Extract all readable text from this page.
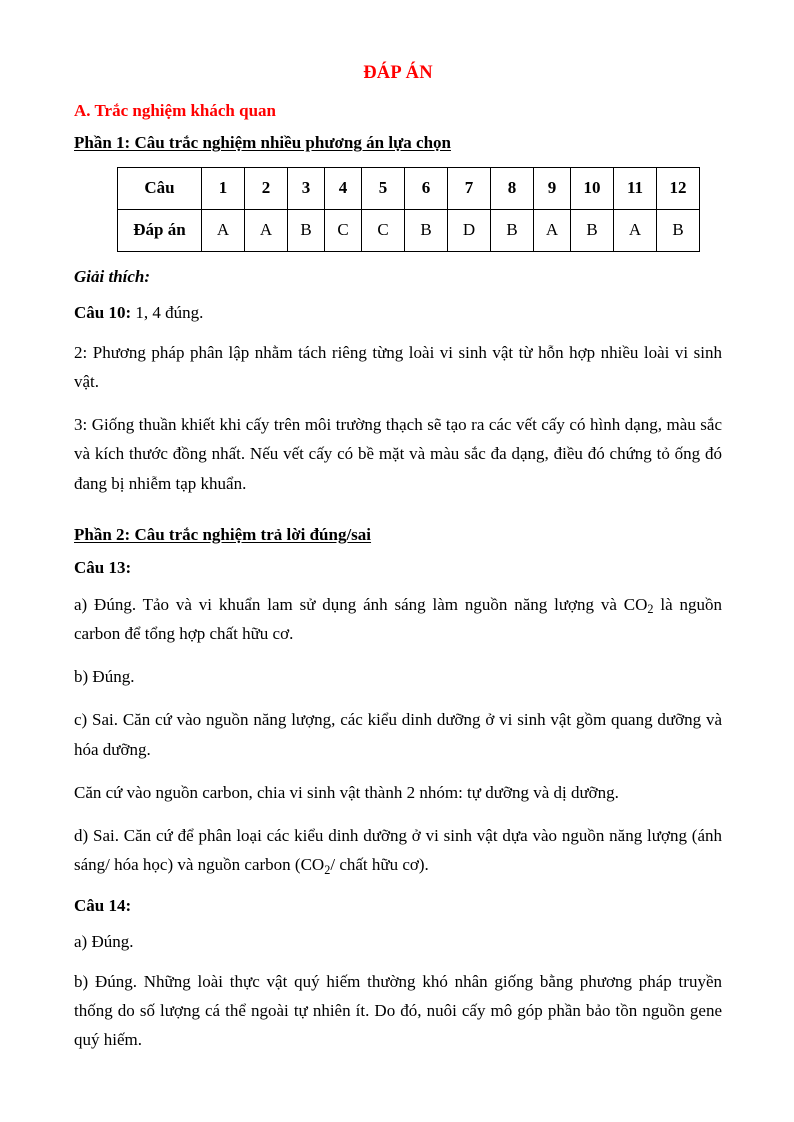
ĐÁP ÁN
A. Trắc nghiệm khách quan
Phần 1: Câu trắc nghiệm nhiều phương án lựa chọn
Câu	1	2	3	4	5	6	7	8	9	10	11	12
Đáp án	A	A	B	C	C	B	D	B	A	B	A	B
Giải thích:

Câu 10: 1, 4 đúng.

2: Phương pháp phân lập nhằm tách riêng từng loài vi sinh vật từ hỗn hợp nhiều loài vi sinh vật.

3: Giống thuần khiết khi cấy trên môi trường thạch sẽ tạo ra các vết cấy có hình dạng, màu sắc và kích thước đồng nhất. Nếu vết cấy có bề mặt và màu sắc đa dạng, điều đó chứng tỏ ống đó đang bị nhiễm tạp khuẩn.

Phần 2: Câu trắc nghiệm trả lời đúng/sai
Câu 13:

a) Đúng. Tảo và vi khuẩn lam sử dụng ánh sáng làm nguồn năng lượng và $CO_2$ là nguồn carbon để tổng hợp chất hữu cơ.

b) Đúng.

c) Sai. Căn cứ vào nguồn năng lượng, các kiểu dinh dưỡng ở vi sinh vật gồm quang dưỡng và hóa dưỡng.

Căn cứ vào nguồn carbon, chia vi sinh vật thành 2 nhóm: tự dưỡng và dị dưỡng.

d) Sai. Căn cứ để phân loại các kiểu dinh dưỡng ở vi sinh vật dựa vào nguồn năng lượng (ánh sáng/ hóa học) và nguồn carbon ($CO_2/$ chất hữu cơ).

Câu 14:

a) Đúng.

b) Đúng. Những loài thực vật quý hiếm thường khó nhân giống bằng phương pháp truyền thống do số lượng cá thể ngoài tự nhiên ít. Do đó, nuôi cấy mô góp phần bảo tồn nguồn gene quý hiếm.
